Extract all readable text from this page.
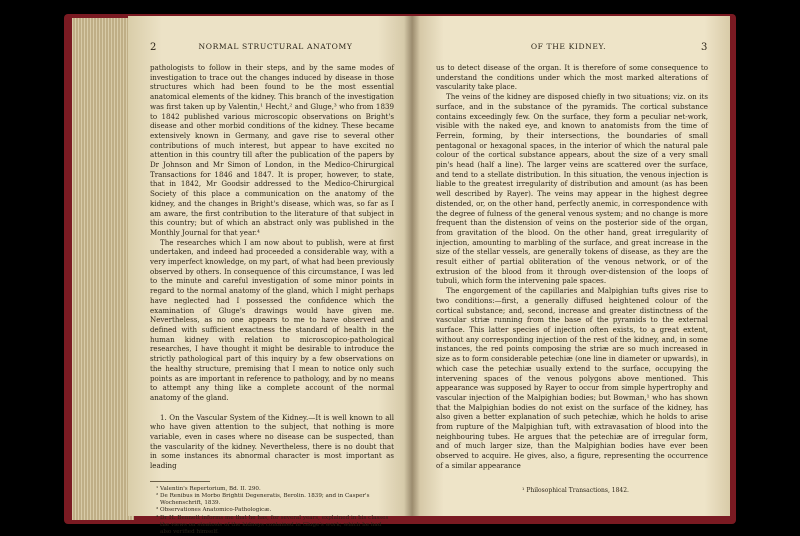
2	NORMAL STRUCTURAL ANATOMY

pathologists to follow in their steps, and by the same modes of investigation to trace out the changes induced by disease in those structures which had been found to be the most essential anatomical elements of the kidney. This branch of the investigation was first taken up by Valentin,¹ Hecht,² and Gluge,³ who from 1839 to 1842 published various microscopic observations on Bright's disease and other morbid conditions of the kidney. These became extensively known in Germany, and gave rise to several other contributions of much interest, but appear to have excited no attention in this country till after the publication of the papers by Dr Johnson and Mr Simon of London, in the Medico-Chirurgical Transactions for 1846 and 1847. It is proper, however, to state, that in 1842, Mr Goodsir addressed to the Medico-Chirurgical Society of this place a communication on the anatomy of the kidney, and the changes in Bright's disease, which was, so far as I am aware, the first contribution to the literature of that subject in this country; but of which an abstract only was published in the Monthly Journal for that year.⁴

The researches which I am now about to publish, were at first undertaken, and indeed had proceeded a considerable way, with a very imperfect knowledge, on my part, of what had been previously observed by others. In consequence of this circumstance, I was led to the minute and careful investigation of some minor points in regard to the normal anatomy of the gland, which I might perhaps have neglected had I possessed the confidence which the examination of Gluge's drawings would have given me. Nevertheless, as no one appears to me to have observed and defined with sufficient exactness the standard of health in the human kidney with relation to microscopico-pathological researches, I have thought it might be desirable to introduce the strictly pathological part of this inquiry by a few observations on the healthy structure, premising that I mean to notice only such points as are important in reference to pathology, and by no means to attempt any thing like a complete account of the normal anatomy of the gland.

1. On the Vascular System of the Kidney.—It is well known to all who have given attention to the subject, that nothing is more variable, even in cases where no disease can be suspected, than the vascularity of the kidney. Nevertheless, there is no doubt that in some instances its abnormal character is most important as leading

¹ Valentin's Repertorium, Bd. II. 290.

² De Renibus in Morbo Brightii Degeneratis, Berolin. 1839; and in Casper's Wochenschrift, 1839.

³ Observationes Anatomico-Pathologicæ.

⁴ Dr H. Bennett informs me that he has, for several years, explained in his classes the views on steatosis of the kidneys contained in Gluge's work; which he had also verified himself.

OF THE KIDNEY.	3

us to detect disease of the organ. It is therefore of some consequence to understand the conditions under which the most marked alterations of vascularity take place.

The veins of the kidney are disposed chiefly in two situations; viz. on its surface, and in the substance of the pyramids. The cortical substance contains exceedingly few. On the surface, they form a peculiar net-work, visible with the naked eye, and known to anatomists from the time of Ferrein, forming, by their intersections, the boundaries of small pentagonal or hexagonal spaces, in the interior of which the natural pale colour of the cortical substance appears, about the size of a very small pin's head (half a line). The larger veins are scattered over the surface, and tend to a stellate distribution. In this situation, the venous injection is liable to the greatest irregularity of distribution and amount (as has been well described by Rayer). The veins may appear in the highest degree distended, or, on the other hand, perfectly anemic, in correspondence with the degree of fulness of the general venous system; and no change is more frequent than the distension of veins on the posterior side of the organ, from gravitation of the blood. On the other hand, great irregularity of injection, amounting to marbling of the surface, and great increase in the size of the stellar vessels, are generally tokens of disease, as they are the result either of partial obliteration of the venous network, or of the extrusion of the blood from it through over-distension of the loops of tubuli, which form the intervening pale spaces.

The engorgement of the capillaries and Malpighian tufts gives rise to two conditions:—first, a generally diffused heightened colour of the cortical substance; and, second, increase and greater distinctness of the vascular striæ running from the base of the pyramids to the external surface. This latter species of injection often exists, to a great extent, without any corresponding injection of the rest of the kidney, and, in some instances, the red points composing the striæ are so much increased in size as to form considerable petechiæ (one line in diameter or upwards), in which case the petechiæ usually extend to the surface, occupying the intervening spaces of the venous polygons above mentioned. This appearance was supposed by Rayer to occur from simple hypertrophy and vascular injection of the Malpighian bodies; but Bowman,¹ who has shown that the Malpighian bodies do not exist on the surface of the kidney, has also given a better explanation of such petechiæ, which he holds to arise from rupture of the Malpighian tuft, with extravasation of blood into the neighbouring tubes. He argues that the petechiæ are of irregular form, and of much larger size, than the Malpighian bodies have ever been observed to acquire. He gives, also, a figure, representing the occurrence of a similar appearance

¹ Philosophical Transactions, 1842.
